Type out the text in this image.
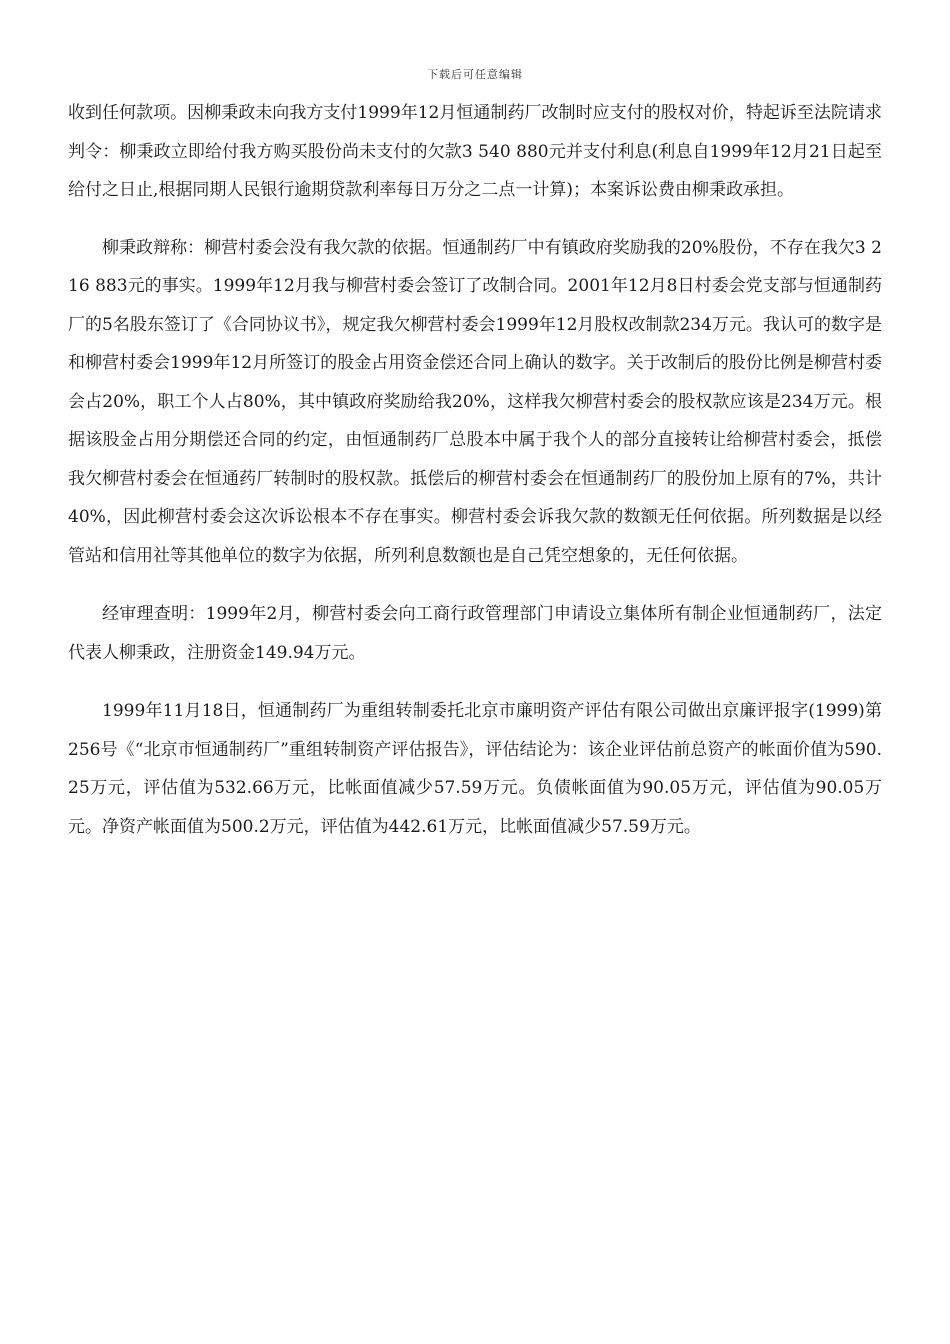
下载后可任意编辑

收到任何款项。因柳秉政未向我方支付1999年12月恒通制药厂改制时应支付的股权对价，特起诉至法院请求判令：柳秉政立即给付我方购买股份尚未支付的欠款3 540 880元并支付利息(利息自1999年12月21日起至给付之日止,根据同期人民银行逾期贷款利率每日万分之二点一计算)；本案诉讼费由柳秉政承担。

柳秉政辩称：柳营村委会没有我欠款的依据。恒通制药厂中有镇政府奖励我的20%股份，不存在我欠3 216 883元的事实。1999年12月我与柳营村委会签订了改制合同。2001年12月8日村委会党支部与恒通制药厂的5名股东签订了《合同协议书》，规定我欠柳营村委会1999年12月股权改制款234万元。我认可的数字是和柳营村委会1999年12月所签订的股金占用资金偿还合同上确认的数字。关于改制后的股份比例是柳营村委会占20%，职工个人占80%，其中镇政府奖励给我20%，这样我欠柳营村委会的股权款应该是234万元。根据该股金占用分期偿还合同的约定，由恒通制药厂总股本中属于我个人的部分直接转让给柳营村委会，抵偿我欠柳营村委会在恒通药厂转制时的股权款。抵偿后的柳营村委会在恒通制药厂的股份加上原有的7%，共计40%，因此柳营村委会这次诉讼根本不存在事实。柳营村委会诉我欠款的数额无任何依据。所列数据是以经管站和信用社等其他单位的数字为依据，所列利息数额也是自己凭空想象的，无任何依据。

经审理查明：1999年2月，柳营村委会向工商行政管理部门申请设立集体所有制企业恒通制药厂，法定代表人柳秉政，注册资金149.94万元。

1999年11月18日，恒通制药厂为重组转制委托北京市廉明资产评估有限公司做出京廉评报字(1999)第256号《“北京市恒通制药厂”重组转制资产评估报告》，评估结论为：该企业评估前总资产的帐面价值为590.25万元，评估值为532.66万元，比帐面值减少57.59万元。负债帐面值为90.05万元，评估值为90.05万元。净资产帐面值为500.2万元，评估值为442.61万元，比帐面值减少57.59万元。
